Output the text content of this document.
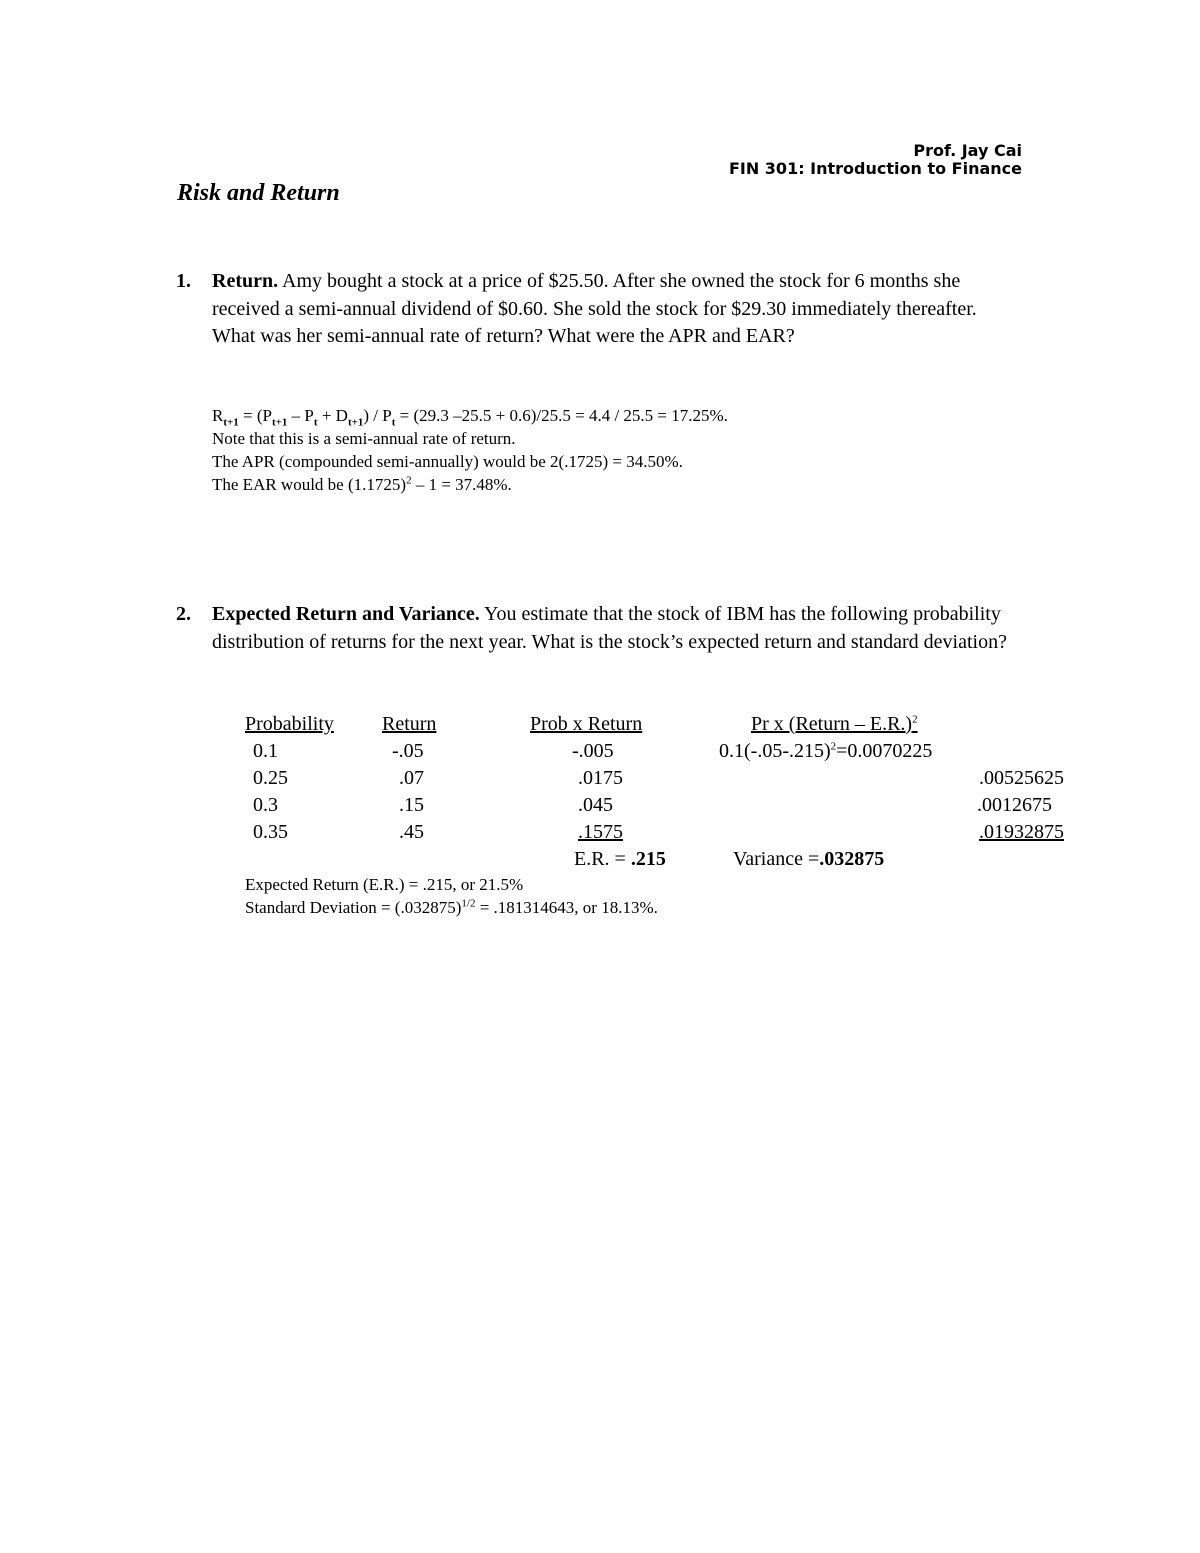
Prof. Jay Cai
FIN 301: Introduction to Finance
Risk and Return
1. Return. Amy bought a stock at a price of $25.50. After she owned the stock for 6 months she received a semi-annual dividend of $0.60. She sold the stock for $29.30 immediately thereafter. What was her semi-annual rate of return? What were the APR and EAR?
$R_{t+1} = (P_{t+1} - P_t + D_{t+1}) / P_t = (29.3$ –25.5 + 0.6)/25.5 = 4.4 / 25.5 = 17.25%.
Note that this is a semi-annual rate of return.
The APR (compounded semi-annually) would be 2(.1725) = 34.50%.
The EAR would be $(1.1725)^2 - 1 = 37.48\%$.
2. Expected Return and Variance. You estimate that the stock of IBM has the following probability distribution of returns for the next year. What is the stock’s expected return and standard deviation?
Probability	Return	Prob x Return	Pr x (Return – E.R.)$^2$
0.1	-.05	-.005	$0.1(-.05-.215)^2=0.0070225$
0.25	.07	.0175	.00525625
0.3	.15	.045	.0012675
0.35	.45	.1575	.01932875
		E.R. = .215	Variance =.032875
Expected Return (E.R.) = .215, or 21.5%
Standard Deviation = $(.032875)^{1/2} = .181314643$, or 18.13%.
